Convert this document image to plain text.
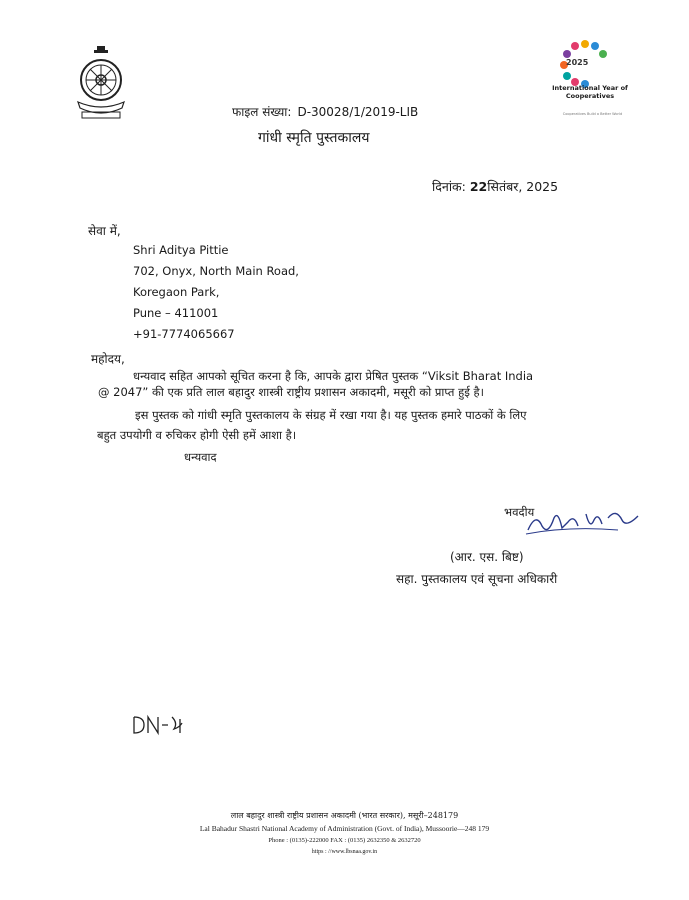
2025
International Year of Cooperatives
Cooperatives Build a Better World
फाइल संख्या: D-30028/1/2019-LIB
गांधी स्मृति पुस्तकालय
दिनांक: 22सितंबर, 2025
सेवा में,
Shri Aditya Pittie
702, Onyx, North Main Road,
Koregaon Park,
Pune – 411001
+91-7774065667
महोदय,
धन्यवाद सहित आपको सूचित करना है कि, आपके द्वारा प्रेषित पुस्तक “Viksit Bharat India
@ 2047” की एक प्रति लाल बहादुर शास्त्री राष्ट्रीय प्रशासन अकादमी, मसूरी को प्राप्त हुई है।
इस पुस्तक को गांधी स्मृति पुस्तकालय के संग्रह में रखा गया है। यह पुस्तक हमारे पाठकों के लिए
बहुत उपयोगी व रुचिकर होगी ऐसी हमें आशा है।
धन्यवाद
भवदीय
(आर. एस. बिष्ट)
सहा. पुस्तकालय एवं सूचना अधिकारी
लाल बहादुर शास्त्री राष्ट्रीय प्रशासन अकादमी (भारत सरकार), मसूरी–248179
Lal Bahadur Shastri National Academy of Administration (Govt. of India), Mussoorie—248 179
Phone : (0135)-222000 FAX : (0135) 2632350 & 2632720
https : //www.lbsnaa.gov.in
